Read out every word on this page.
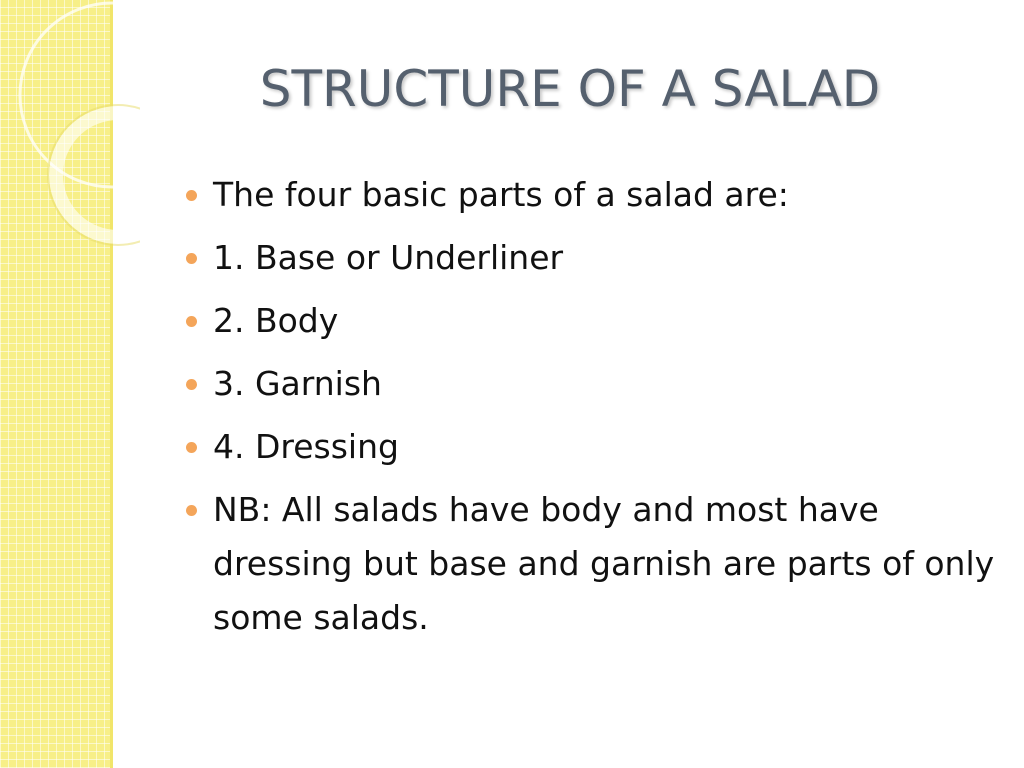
STRUCTURE OF A SALAD
The four basic parts of a salad are:
1. Base or Underliner
2. Body
3. Garnish
4. Dressing
NB: All salads have body and most have dressing but base and garnish are parts of only some salads.
